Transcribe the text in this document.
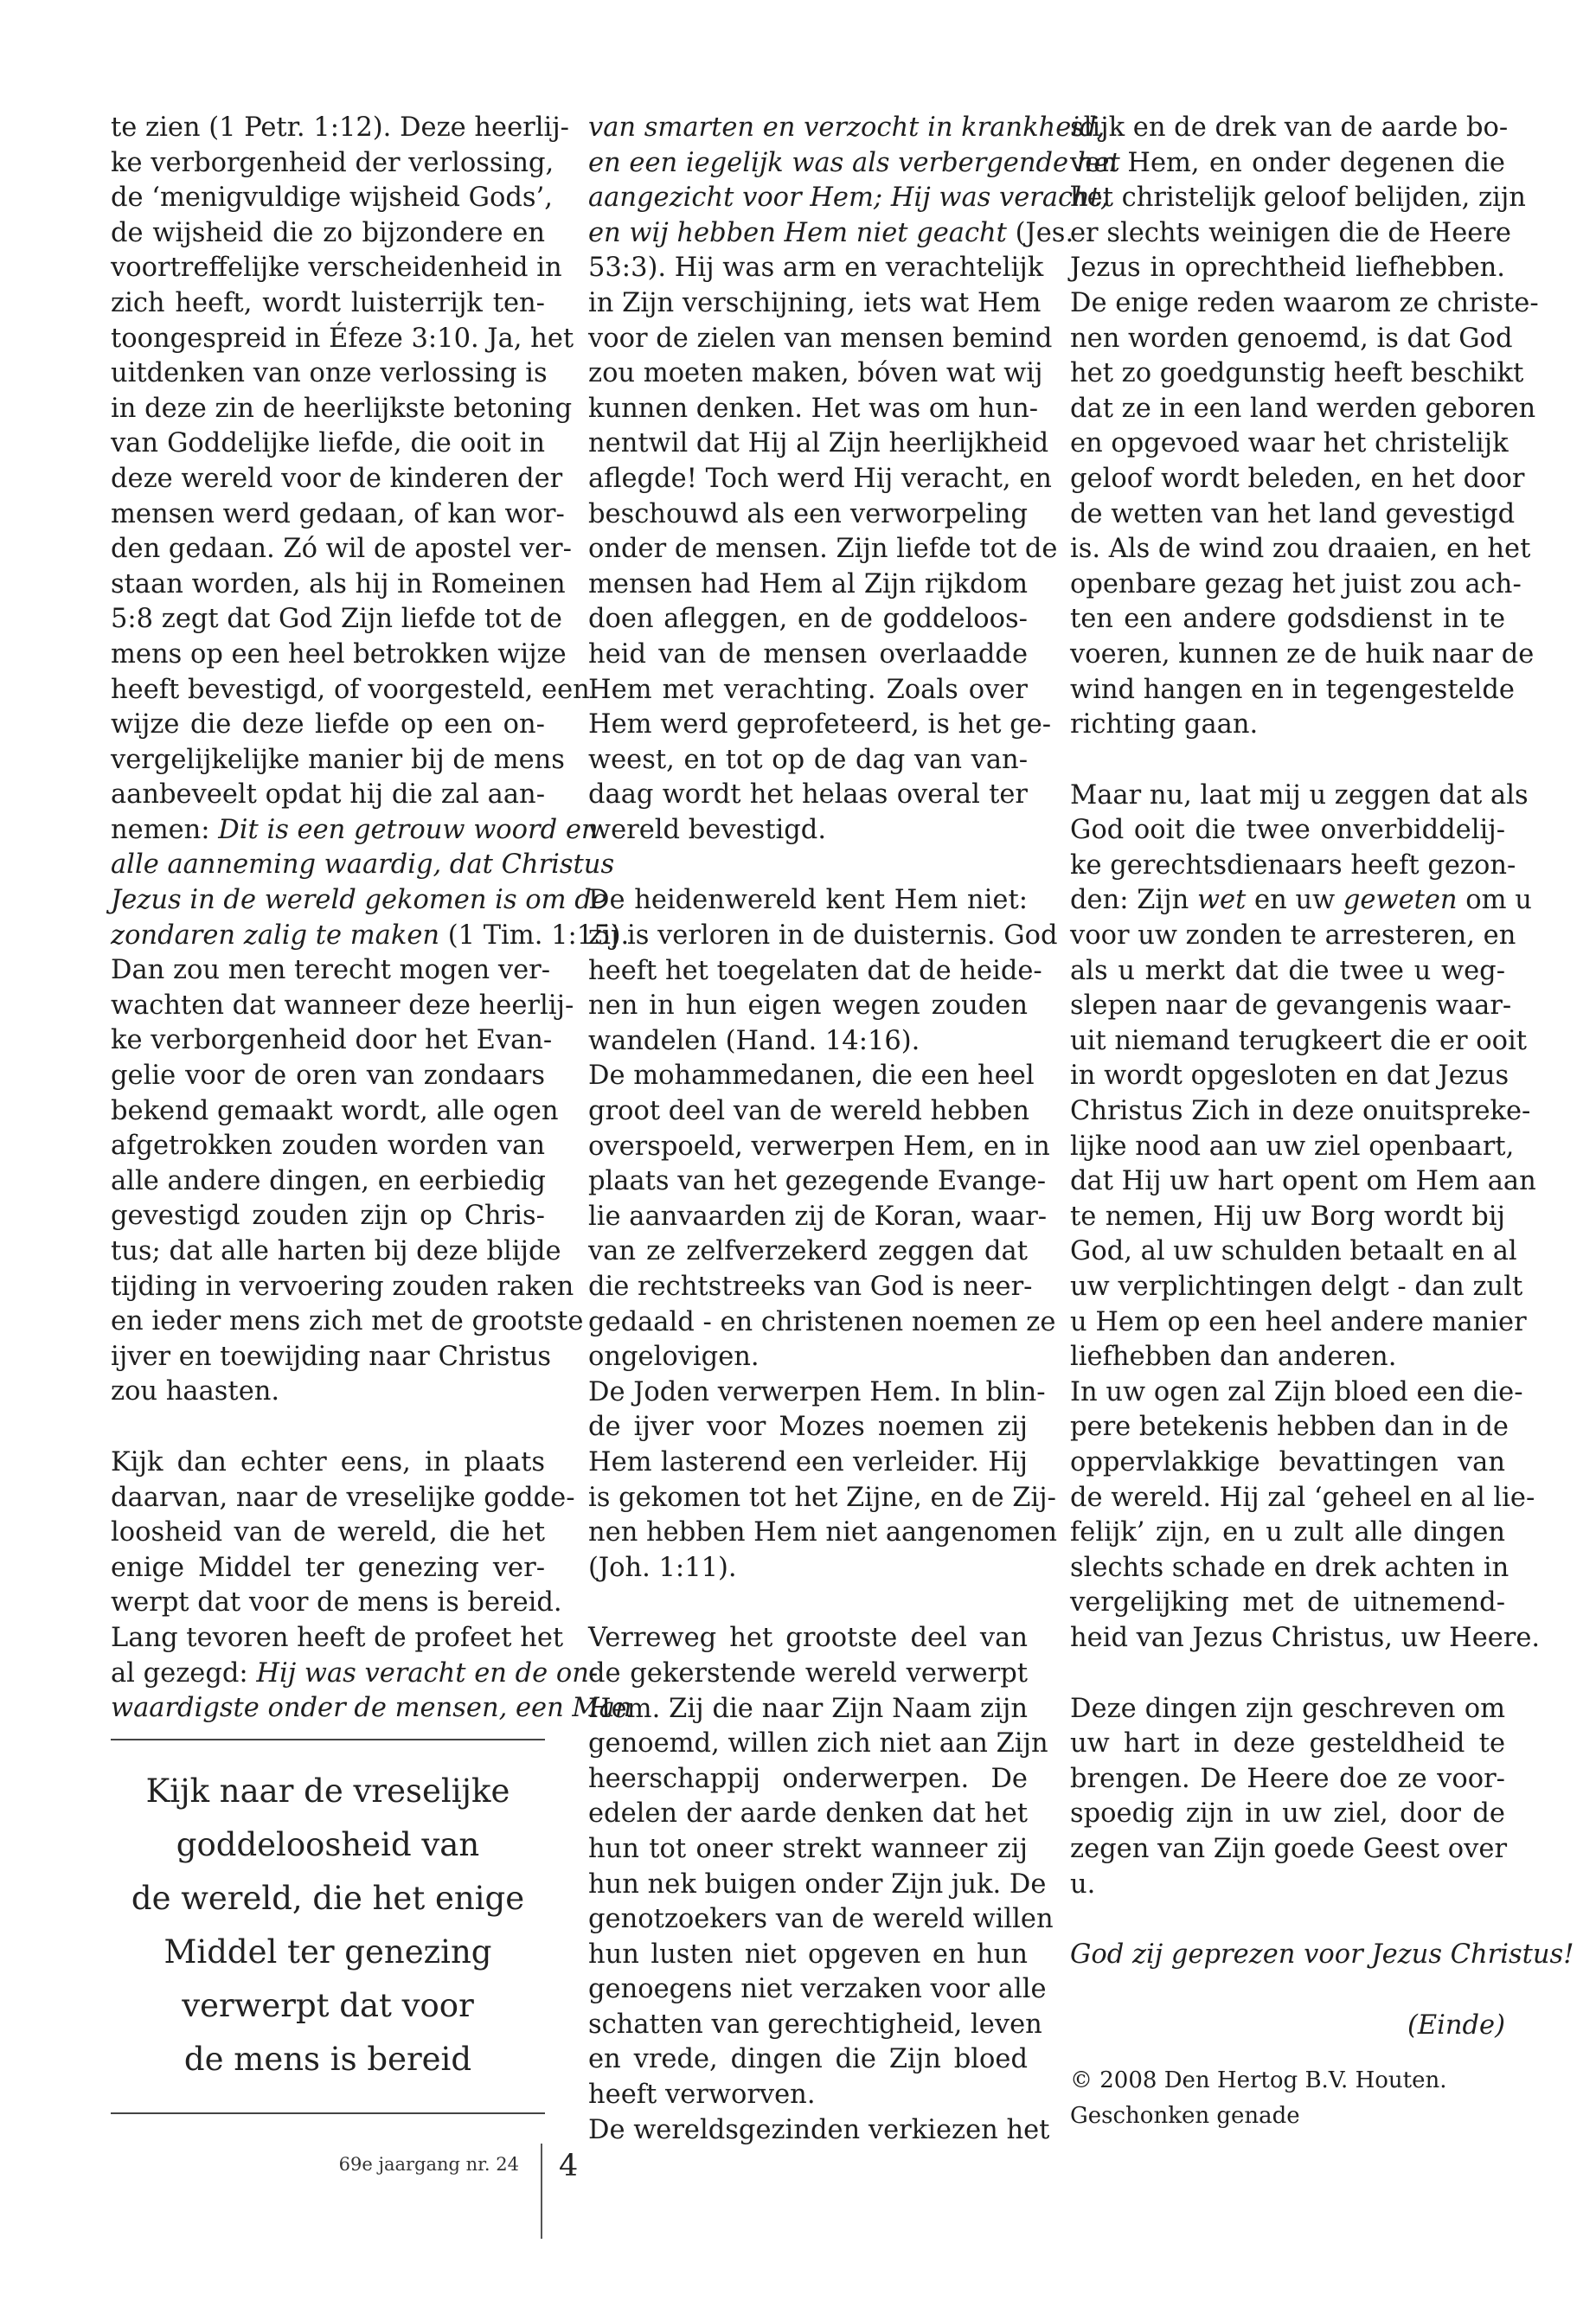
te zien (1 Petr. 1:12). Deze heerlij-
ke verborgenheid der verlossing,
de ‘menigvuldige wijsheid Gods’,
de wijsheid die zo bijzondere en
voortreffelijke verscheidenheid in
zich heeft, wordt luisterrijk ten-
toongespreid in Éfeze 3:10. Ja, het
uitdenken van onze verlossing is
in deze zin de heerlijkste betoning
van Goddelijke liefde, die ooit in
deze wereld voor de kinderen der
mensen werd gedaan, of kan wor-
den gedaan. Zó wil de apostel ver-
staan worden, als hij in Romeinen
5:8 zegt dat God Zijn liefde tot de
mens op een heel betrokken wijze
heeft bevestigd, of voorgesteld, een
wijze die deze liefde op een on-
vergelijkelijke manier bij de mens
aanbeveelt opdat hij die zal aan-
nemen: Dit is een getrouw woord en
alle aanneming waardig, dat Christus
Jezus in de wereld gekomen is om de
zondaren zalig te maken (1 Tim. 1:15).
Dan zou men terecht mogen ver-
wachten dat wanneer deze heerlij-
ke verborgenheid door het Evan-
gelie voor de oren van zondaars
bekend gemaakt wordt, alle ogen
afgetrokken zouden worden van
alle andere dingen, en eerbiedig
gevestigd zouden zijn op Chris-
tus; dat alle harten bij deze blijde
tijding in vervoering zouden raken
en ieder mens zich met de grootste
ijver en toewijding naar Christus
zou haasten.
Kijk dan echter eens, in plaats
daarvan, naar de vreselijke godde-
loosheid van de wereld, die het
enige Middel ter genezing ver-
werpt dat voor de mens is bereid.
Lang tevoren heeft de profeet het
al gezegd: Hij was veracht en de on-
waardigste onder de mensen, een Man
Kijk naar de vreselijke
goddeloosheid van
de wereld, die het enige
Middel ter genezing
verwerpt dat voor
de mens is bereid
van smarten en verzocht in krankheid,
en een iegelijk was als verbergende het
aangezicht voor Hem; Hij was veracht,
en wij hebben Hem niet geacht (Jes.
53:3). Hij was arm en verachtelijk
in Zijn verschijning, iets wat Hem
voor de zielen van mensen bemind
zou moeten maken, bóven wat wij
kunnen denken. Het was om hun-
nentwil dat Hij al Zijn heerlijkheid
aflegde! Toch werd Hij veracht, en
beschouwd als een verworpeling
onder de mensen. Zijn liefde tot de
mensen had Hem al Zijn rijkdom
doen afleggen, en de goddeloos-
heid van de mensen overlaadde
Hem met verachting. Zoals over
Hem werd geprofeteerd, is het ge-
weest, en tot op de dag van van-
daag wordt het helaas overal ter
wereld bevestigd.
De heidenwereld kent Hem niet:
zij is verloren in de duisternis. God
heeft het toegelaten dat de heide-
nen in hun eigen wegen zouden
wandelen (Hand. 14:16).
De mohammedanen, die een heel
groot deel van de wereld hebben
overspoeld, verwerpen Hem, en in
plaats van het gezegende Evange-
lie aanvaarden zij de Koran, waar-
van ze zelfverzekerd zeggen dat
die rechtstreeks van God is neer-
gedaald - en christenen noemen ze
ongelovigen.
De Joden verwerpen Hem. In blin-
de ijver voor Mozes noemen zij
Hem lasterend een verleider. Hij
is gekomen tot het Zijne, en de Zij-
nen hebben Hem niet aangenomen
(Joh. 1:11).
Verreweg het grootste deel van
de gekerstende wereld verwerpt
Hem. Zij die naar Zijn Naam zijn
genoemd, willen zich niet aan Zijn
heerschappij onderwerpen. De
edelen der aarde denken dat het
hun tot oneer strekt wanneer zij
hun nek buigen onder Zijn juk. De
genotzoekers van de wereld willen
hun lusten niet opgeven en hun
genoegens niet verzaken voor alle
schatten van gerechtigheid, leven
en vrede, dingen die Zijn bloed
heeft verworven.
De wereldsgezinden verkiezen het
slijk en de drek van de aarde bo-
ven Hem, en onder degenen die
het christelijk geloof belijden, zijn
er slechts weinigen die de Heere
Jezus in oprechtheid liefhebben.
De enige reden waarom ze christe-
nen worden genoemd, is dat God
het zo goedgunstig heeft beschikt
dat ze in een land werden geboren
en opgevoed waar het christelijk
geloof wordt beleden, en het door
de wetten van het land gevestigd
is. Als de wind zou draaien, en het
openbare gezag het juist zou ach-
ten een andere godsdienst in te
voeren, kunnen ze de huik naar de
wind hangen en in tegengestelde
richting gaan.
Maar nu, laat mij u zeggen dat als
God ooit die twee onverbiddelij-
ke gerechtsdienaars heeft gezon-
den: Zijn wet en uw geweten om u
voor uw zonden te arresteren, en
als u merkt dat die twee u weg-
slepen naar de gevangenis waar-
uit niemand terugkeert die er ooit
in wordt opgesloten en dat Jezus
Christus Zich in deze onuitspreke-
lijke nood aan uw ziel openbaart,
dat Hij uw hart opent om Hem aan
te nemen, Hij uw Borg wordt bij
God, al uw schulden betaalt en al
uw verplichtingen delgt - dan zult
u Hem op een heel andere manier
liefhebben dan anderen.
In uw ogen zal Zijn bloed een die-
pere betekenis hebben dan in de
oppervlakkige bevattingen van
de wereld. Hij zal ‘geheel en al lie-
felijk’ zijn, en u zult alle dingen
slechts schade en drek achten in
vergelijking met de uitnemend-
heid van Jezus Christus, uw Heere.
Deze dingen zijn geschreven om
uw hart in deze gesteldheid te
brengen. De Heere doe ze voor-
spoedig zijn in uw ziel, door de
zegen van Zijn goede Geest over
u.
God zij geprezen voor Jezus Christus!
(Einde)
© 2008 Den Hertog B.V. Houten.
Geschonken genade
69e jaargang nr. 24 4
